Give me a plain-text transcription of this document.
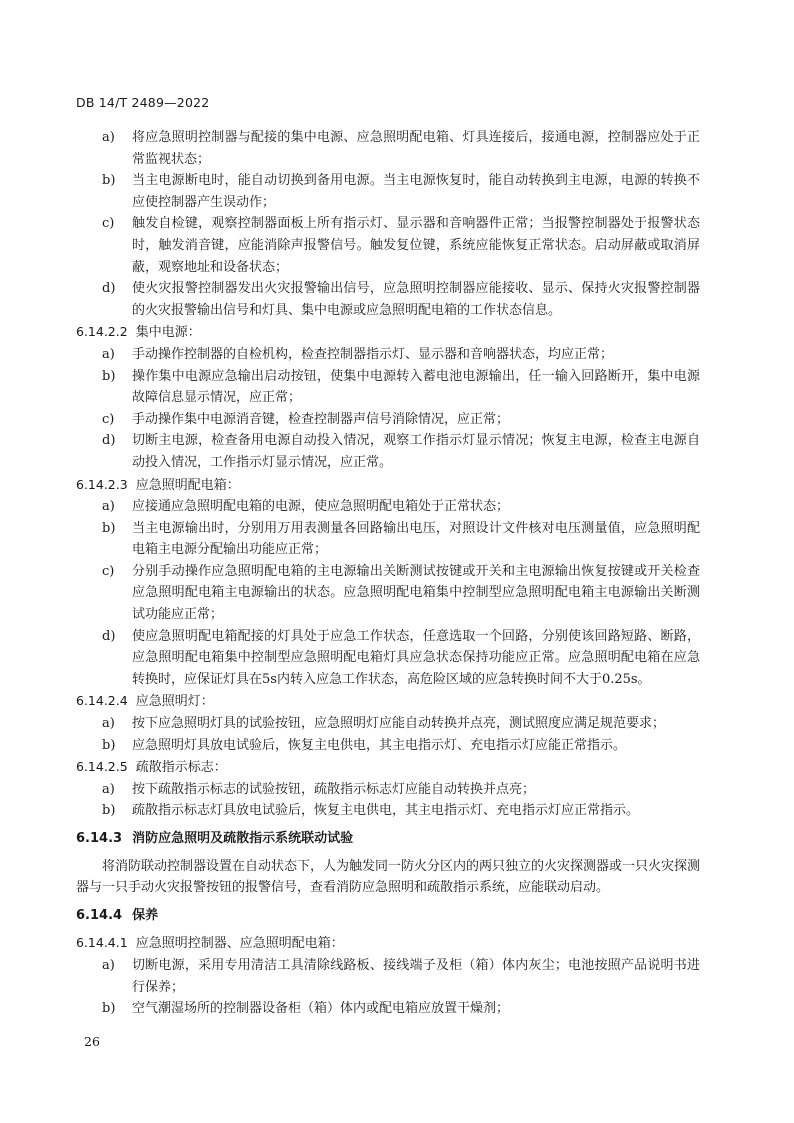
DB 14/T 2489—2022
a) 将应急照明控制器与配接的集中电源、应急照明配电箱、灯具连接后，接通电源，控制器应处于正常监视状态；
b) 当主电源断电时，能自动切换到备用电源。当主电源恢复时，能自动转换到主电源，电源的转换不应使控制器产生误动作；
c) 触发自检键，观察控制器面板上所有指示灯、显示器和音响器件正常；当报警控制器处于报警状态时，触发消音键，应能消除声报警信号。触发复位键，系统应能恢复正常状态。启动屏蔽或取消屏蔽，观察地址和设备状态；
d) 使火灾报警控制器发出火灾报警输出信号，应急照明控制器应能接收、显示、保持火灾报警控制器的火灾报警输出信号和灯具、集中电源或应急照明配电箱的工作状态信息。
6.14.2.2 集中电源：
a) 手动操作控制器的自检机构，检查控制器指示灯、显示器和音响器状态，均应正常；
b) 操作集中电源应急输出启动按钮，使集中电源转入蓄电池电源输出，任一输入回路断开，集中电源故障信息显示情况，应正常；
c) 手动操作集中电源消音键，检查控制器声信号消除情况，应正常；
d) 切断主电源，检查备用电源自动投入情况，观察工作指示灯显示情况；恢复主电源，检查主电源自动投入情况，工作指示灯显示情况，应正常。
6.14.2.3 应急照明配电箱：
a) 应接通应急照明配电箱的电源，使应急照明配电箱处于正常状态；
b) 当主电源输出时，分别用万用表测量各回路输出电压，对照设计文件核对电压测量值，应急照明配电箱主电源分配输出功能应正常；
c) 分别手动操作应急照明配电箱的主电源输出关断测试按键或开关和主电源输出恢复按键或开关检查应急照明配电箱主电源输出的状态。应急照明配电箱集中控制型应急照明配电箱主电源输出关断测试功能应正常；
d) 使应急照明配电箱配接的灯具处于应急工作状态，任意选取一个回路，分别使该回路短路、断路，应急照明配电箱集中控制型应急照明配电箱灯具应急状态保持功能应正常。应急照明配电箱在应急转换时，应保证灯具在5s内转入应急工作状态，高危险区域的应急转换时间不大于0.25s。
6.14.2.4 应急照明灯：
a) 按下应急照明灯具的试验按钮，应急照明灯应能自动转换并点亮，测试照度应满足规范要求；
b) 应急照明灯具放电试验后，恢复主电供电，其主电指示灯、充电指示灯应能正常指示。
6.14.2.5 疏散指示标志：
a) 按下疏散指示标志的试验按钮，疏散指示标志灯应能自动转换并点亮；
b) 疏散指示标志灯具放电试验后，恢复主电供电，其主电指示灯、充电指示灯应正常指示。
6.14.3 消防应急照明及疏散指示系统联动试验
将消防联动控制器设置在自动状态下，人为触发同一防火分区内的两只独立的火灾探测器或一只火灾探测器与一只手动火灾报警按钮的报警信号，查看消防应急照明和疏散指示系统，应能联动启动。
6.14.4 保养
6.14.4.1 应急照明控制器、应急照明配电箱：
a) 切断电源，采用专用清洁工具清除线路板、接线端子及柜（箱）体内灰尘；电池按照产品说明书进行保养；
b) 空气潮湿场所的控制器设备柜（箱）体内或配电箱应放置干燥剂；
26
